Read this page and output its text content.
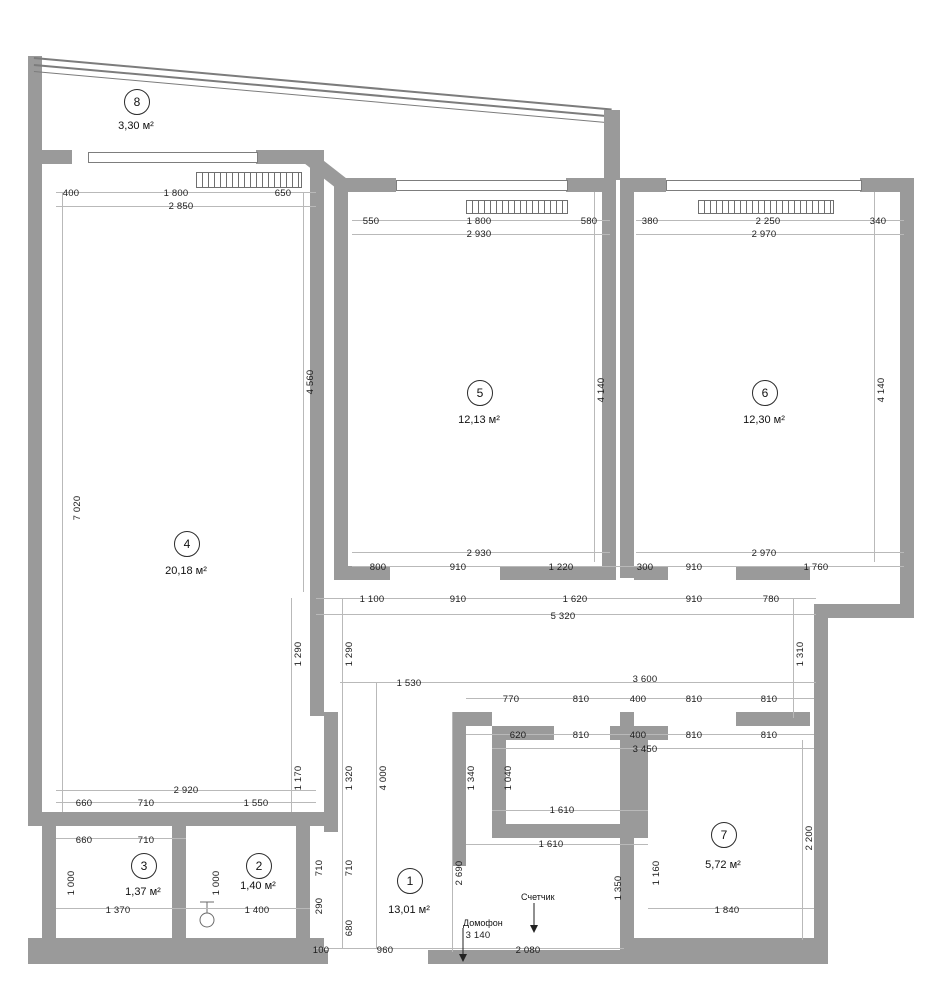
8
3,30 м²
4
20,18 м²
5
12,13 м²
6
12,30 м²
7
5,72 м²
1
13,01 м²
2
1,40 м²
3
1,37 м²
Домофон
Счетчик
400	1 800	650
2 850
550	1 800	580
2 930
380	2 250	340
2 970
2 930	2 970
800	910	1 220	300	910	1 760
1 100	910	1 620	910	780
5 320
1 530	3 600
770	810	400	810	810
620	810	400	810	810
3 450
1 610
1 610
2 920
660	710	1 550
660	710
1 370	1 400	1 840
100	960
3 140
2 080
7 020
4 560	4 140	4 140
1 290	1 290	1 310
1 170	1 320 4 000	1 340	1 040
2 200
1 160
1 350
2 690
710 710
290
680
1 000	1 000
